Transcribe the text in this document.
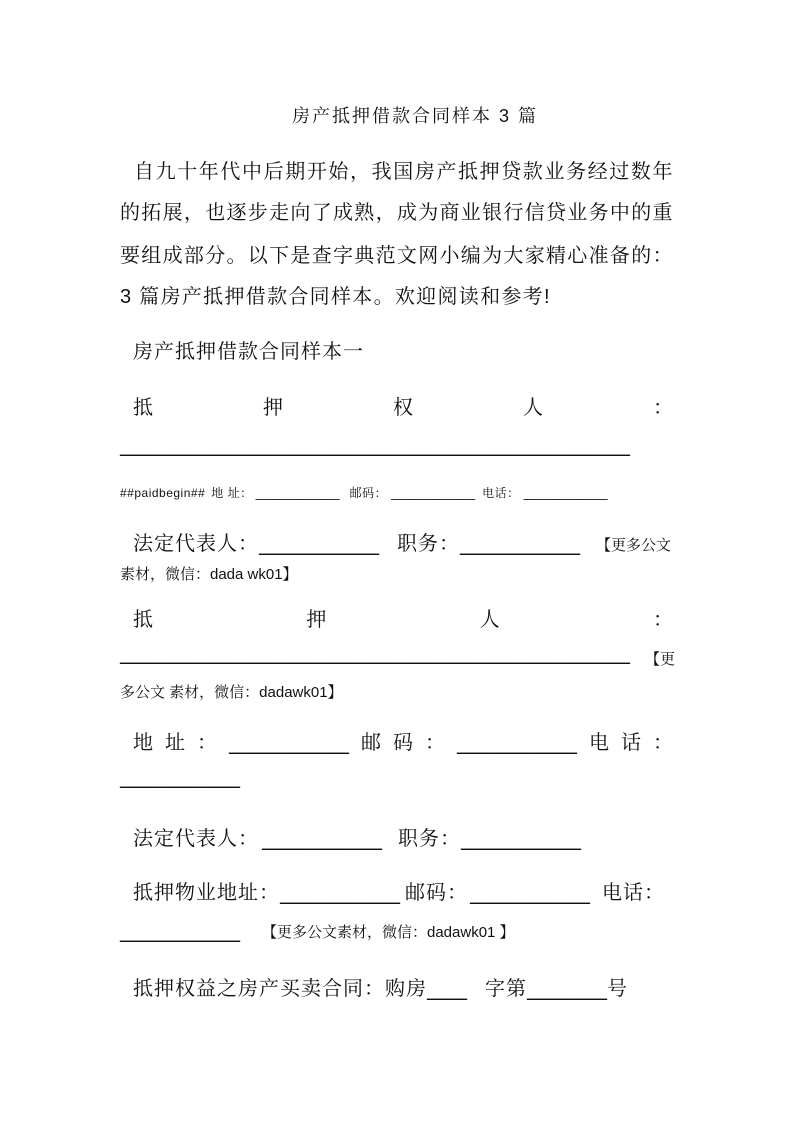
房产抵押借款合同样本 3 篇
自九十年代中后期开始，我国房产抵押贷款业务经过数年
的拓展，也逐步走向了成熟，成为商业银行信贷业务中的重
要组成部分。以下是查字典范文网小编为大家精心准备的：
3 篇房产抵押借款合同样本。欢迎阅读和参考!
房产抵押借款合同样本一
抵	押	权	人	：
___________________________________________________
##paidbegin## 地 址： ______________ 邮码： ______________ 电话： ______________
法定代表人： ____________ 职务： ____________ 【更多公文
素材，微信：dada wk01】
抵	押	人	：
___________________________________________________ 【更
多公文 素材，微信：dadawk01】
地 址 ： ____________ 邮 码 ： ____________ 电 话 ：
____________
法定代表人： ____________ 职务： ____________
抵押物业地址： ____________ 邮码： ____________ 电话：
____________ 【更多公文素材，微信：dadawk01 】
抵押权益之房产买卖合同：购房 ____ 字第 ________ 号
